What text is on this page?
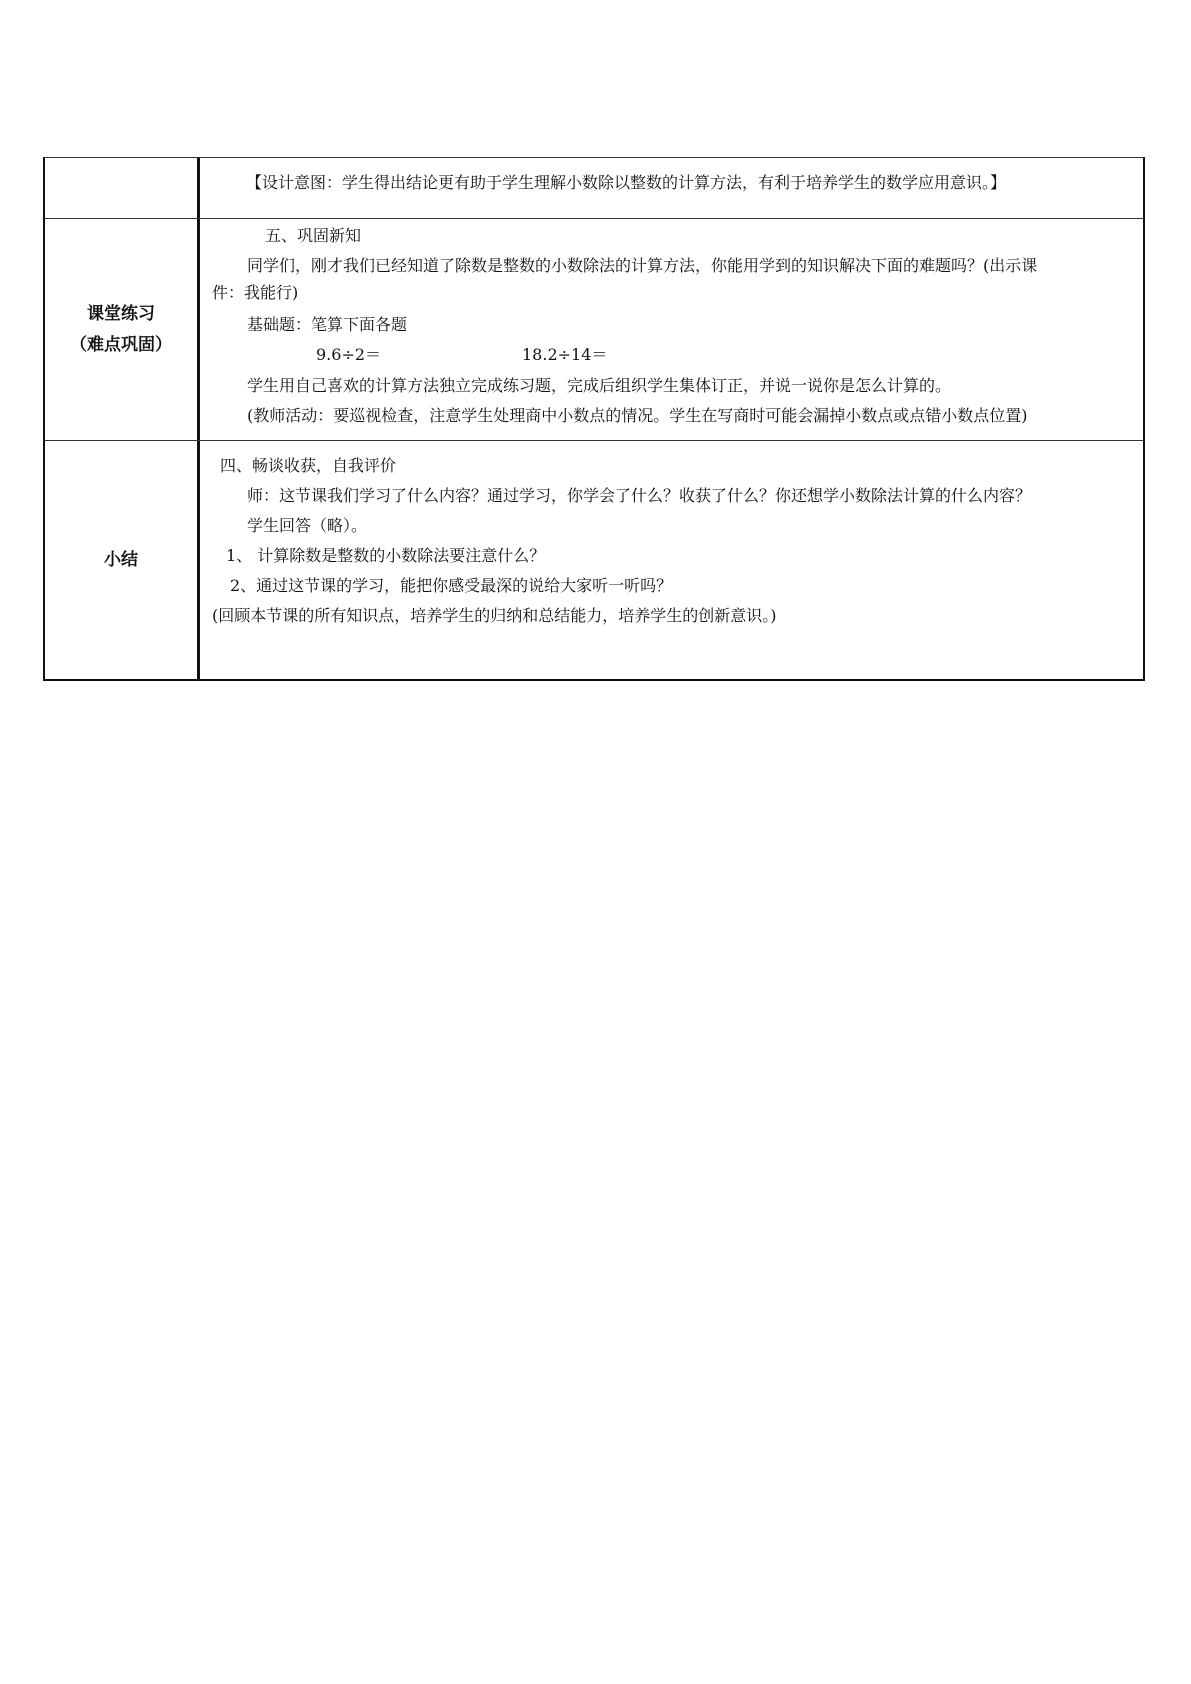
【设计意图：学生得出结论更有助于学生理解小数除以整数的计算方法，有利于培养学生的数学应用意识。】
课堂练习
（难点巩固）
五、巩固新知
同学们，刚才我们已经知道了除数是整数的小数除法的计算方法，你能用学到的知识解决下面的难题吗？(出示课
件：我能行)
基础题：笔算下面各题
9.6÷2＝	18.2÷14＝
学生用自己喜欢的计算方法独立完成练习题，完成后组织学生集体订正，并说一说你是怎么计算的。
(教师活动：要巡视检查，注意学生处理商中小数点的情况。学生在写商时可能会漏掉小数点或点错小数点位置)
小结
四、畅谈收获，自我评价
师：这节课我们学习了什么内容？通过学习，你学会了什么？收获了什么？你还想学小数除法计算的什么内容？
学生回答（略）。
1、 计算除数是整数的小数除法要注意什么？
2、通过这节课的学习，能把你感受最深的说给大家听一听吗？
(回顾本节课的所有知识点，培养学生的归纳和总结能力，培养学生的创新意识。)
